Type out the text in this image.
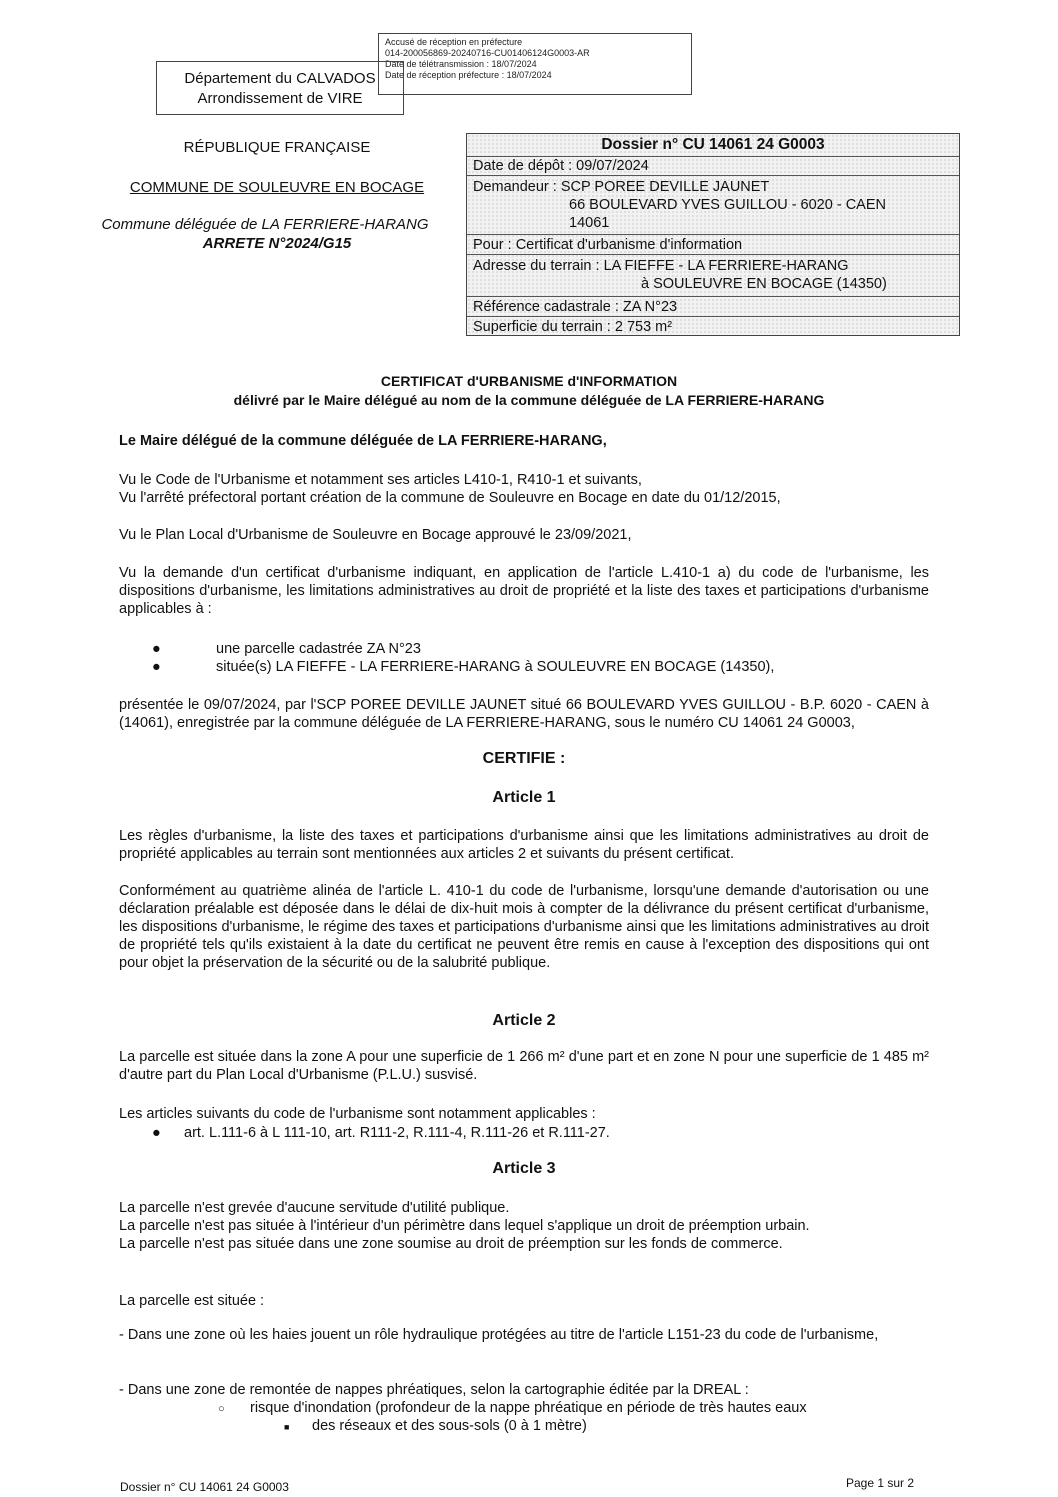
Accusé de réception en préfecture
014-200056869-20240716-CU01406124G0003-AR
Date de télétransmission : 18/07/2024
Date de réception préfecture : 18/07/2024
Département du CALVADOS
Arrondissement de VIRE
RÉPUBLIQUE FRANÇAISE
COMMUNE DE SOULEUVRE EN BOCAGE
Commune déléguée de LA FERRIERE-HARANG
ARRETE N°2024/G15
Dossier n° CU 14061 24 G0003
Date de dépôt : 09/07/2024
Demandeur : SCP POREE DEVILLE JAUNET
66 BOULEVARD YVES GUILLOU - 6020 - CAEN
14061
Pour : Certificat d'urbanisme d'information
Adresse du terrain : LA FIEFFE - LA FERRIERE-HARANG
à SOULEUVRE EN BOCAGE (14350)
Référence cadastrale : ZA N°23
Superficie du terrain : 2 753 m²
CERTIFICAT d'URBANISME d'INFORMATION
délivré par le Maire délégué au nom de la commune déléguée de LA FERRIERE-HARANG
Le Maire délégué de la commune déléguée de LA FERRIERE-HARANG,
Vu le Code de l'Urbanisme et notamment ses articles L410-1, R410-1 et suivants,
Vu l'arrêté préfectoral portant création de la commune de Souleuvre en Bocage en date du 01/12/2015,
Vu le Plan Local d'Urbanisme de Souleuvre en Bocage approuvé le 23/09/2021,
Vu la demande d'un certificat d'urbanisme indiquant, en application de l'article L.410-1 a) du code de l'urbanisme, les dispositions d'urbanisme, les limitations administratives au droit de propriété et la liste des taxes et participations d'urbanisme applicables à :
●	une parcelle cadastrée ZA N°23
●	située(s) LA FIEFFE - LA FERRIERE-HARANG à SOULEUVRE EN BOCAGE (14350),
présentée le 09/07/2024, par l'SCP POREE DEVILLE JAUNET situé 66 BOULEVARD YVES GUILLOU - B.P. 6020 - CAEN à (14061), enregistrée par la commune déléguée de LA FERRIERE-HARANG, sous le numéro CU 14061 24 G0003,
CERTIFIE :
Article 1
Les règles d'urbanisme, la liste des taxes et participations d'urbanisme ainsi que les limitations administratives au droit de propriété applicables au terrain sont mentionnées aux articles 2 et suivants du présent certificat.
Conformément au quatrième alinéa de l'article L. 410-1 du code de l'urbanisme, lorsqu'une demande d'autorisation ou une déclaration préalable est déposée dans le délai de dix-huit mois à compter de la délivrance du présent certificat d'urbanisme, les dispositions d'urbanisme, le régime des taxes et participations d'urbanisme ainsi que les limitations administratives au droit de propriété tels qu'ils existaient à la date du certificat ne peuvent être remis en cause à l'exception des dispositions qui ont pour objet la préservation de la sécurité ou de la salubrité publique.
Article 2
La parcelle est située dans la zone A pour une superficie de 1 266 m² d'une part et en zone N pour une superficie de 1 485 m² d'autre part du Plan Local d'Urbanisme (P.L.U.) susvisé.
Les articles suivants du code de l'urbanisme sont notamment applicables :
● art. L.111-6 à L 111-10, art. R111-2, R.111-4, R.111-26 et R.111-27.
Article 3
La parcelle n'est grevée d'aucune servitude d'utilité publique.
La parcelle n'est pas située à l'intérieur d'un périmètre dans lequel s'applique un droit de préemption urbain.
La parcelle n'est pas située dans une zone soumise au droit de préemption sur les fonds de commerce.
La parcelle est située :
- Dans une zone où les haies jouent un rôle hydraulique protégées au titre de l'article L151-23 du code de l'urbanisme,
- Dans une zone de remontée de nappes phréatiques, selon la cartographie éditée par la DREAL :
○ risque d'inondation (profondeur de la nappe phréatique en période de très hautes eaux
■ des réseaux et des sous-sols (0 à 1 mètre)
Dossier n° CU 14061 24 G0003	Page 1 sur 2
